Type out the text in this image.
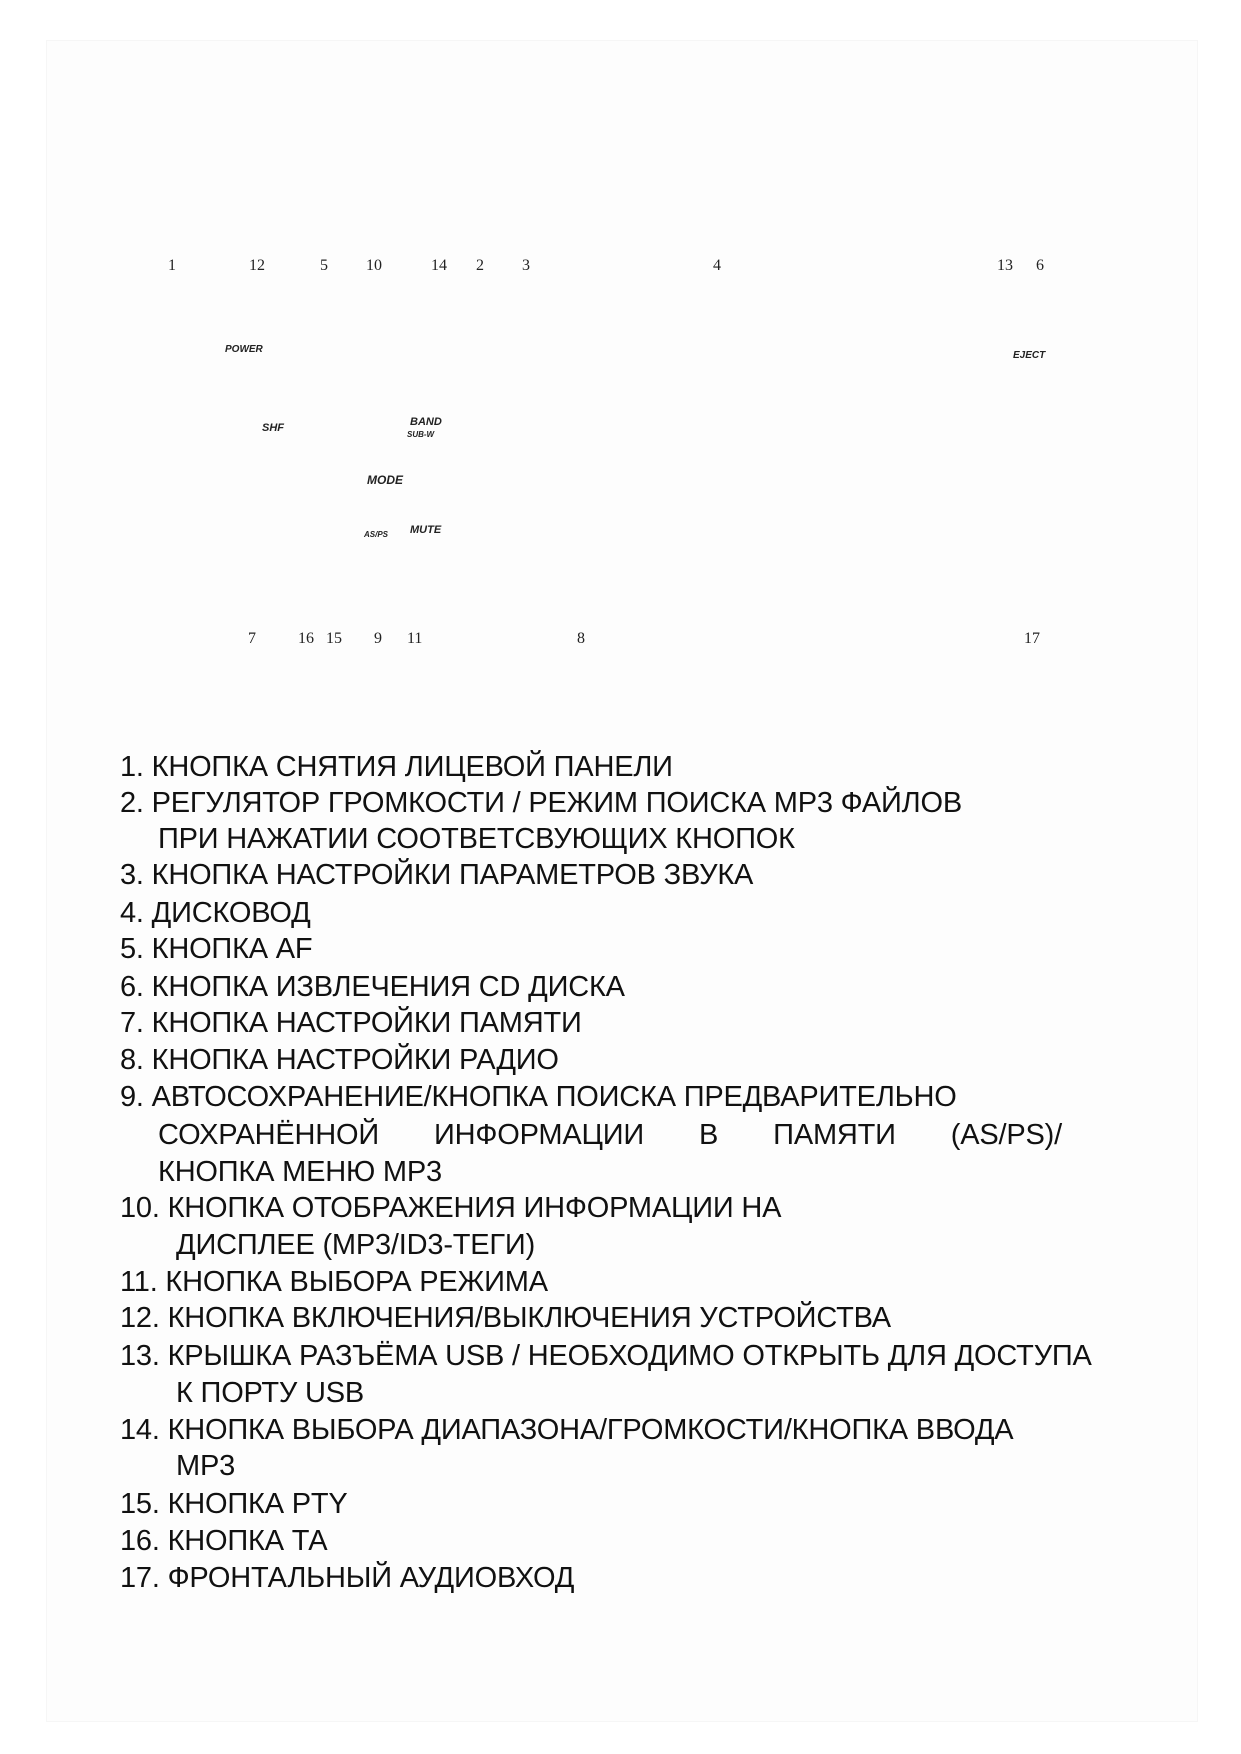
1	12	5 10	14 2 3	4	13 6
POWER
EJECT
SHF	BAND
SUB-W
MODE
AS/PS MUTE
7	16 15 9 11	8	17
1. КНОПКА СНЯТИЯ ЛИЦЕВОЙ ПАНЕЛИ
2. РЕГУЛЯТОР ГРОМКОСТИ / РЕЖИМ ПОИСКА МР3 ФАЙЛОВ
ПРИ НАЖАТИИ СООТВЕТСВУЮЩИХ КНОПОК
3. КНОПКА НАСТРОЙКИ ПАРАМЕТРОВ ЗВУКА
4. ДИСКОВОД
5. КНОПКА AF
6. КНОПКА ИЗВЛЕЧЕНИЯ CD ДИСКА
7. КНОПКА НАСТРОЙКИ ПАМЯТИ
8. КНОПКА НАСТРОЙКИ РАДИО
9. АВТОСОХРАНЕНИЕ/КНОПКА ПОИСКА ПРЕДВАРИТЕЛЬНО
СОХРАНЁННОЙ ИНФОРМАЦИИ В ПАМЯТИ (AS/PS)/
КНОПКА МЕНЮ МР3
10. КНОПКА ОТОБРАЖЕНИЯ ИНФОРМАЦИИ НА
ДИСПЛЕЕ (МР3/ID3-ТЕГИ)
11. КНОПКА ВЫБОРА РЕЖИМА
12. КНОПКА ВКЛЮЧЕНИЯ/ВЫКЛЮЧЕНИЯ УСТРОЙСТВА
13. КРЫШКА РАЗЪЁМА USB / НЕОБХОДИМО ОТКРЫТЬ ДЛЯ ДОСТУПА
К ПОРТУ USB
14. КНОПКА ВЫБОРА ДИАПАЗОНА/ГРОМКОСТИ/КНОПКА ВВОДА
МР3
15. КНОПКА PTY
16. КНОПКА ТА
17. ФРОНТАЛЬНЫЙ АУДИОВХОД
